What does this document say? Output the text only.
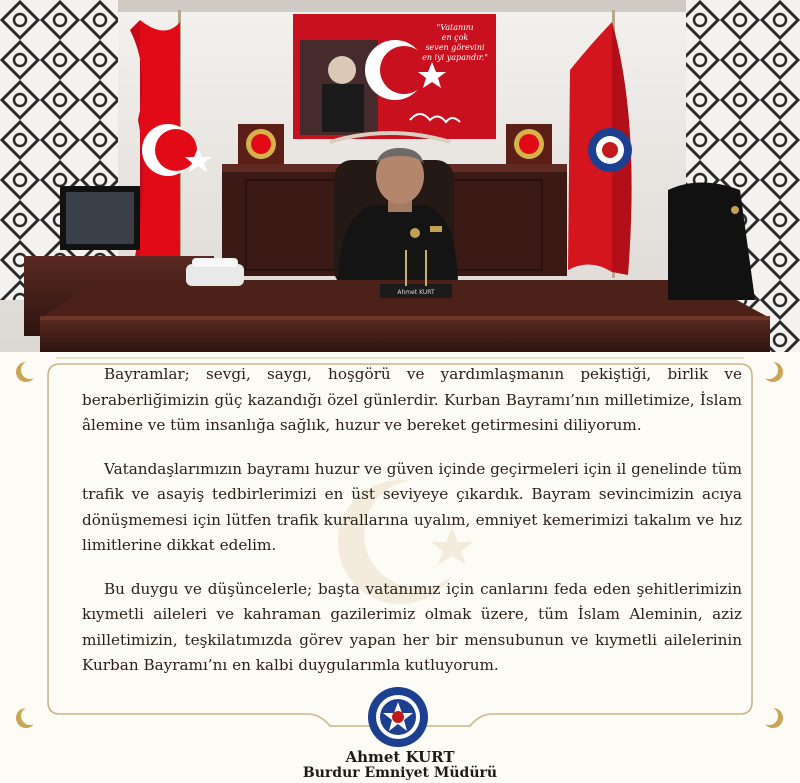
"Vatanını
en çok
seven görevini
en iyi yapandır."
Ahmet KURT

Bayramlar; sevgi, saygı, hoşgörü ve yardımlaşmanın pekiştiği, birlik ve beraberliğimizin güç kazandığı özel günlerdir. Kurban Bayramı’nın milletimize, İslam âlemine ve tüm insanlığa sağlık, huzur ve bereket getirmesini diliyorum.

Vatandaşlarımızın bayramı huzur ve güven içinde geçirmeleri için il genelinde tüm trafik ve asayiş tedbirlerimizi en üst seviyeye çıkardık. Bayram sevincimizin acıya dönüşmemesi için lütfen trafik kurallarına uyalım, emniyet kemerimizi takalım ve hız limitlerine dikkat edelim.

Bu duygu ve düşüncelerle; başta vatanımız için canlarını feda eden şehitlerimizin kıymetli aileleri ve kahraman gazilerimiz olmak üzere, tüm İslam Aleminin, aziz milletimizin, teşkilatımızda görev yapan her bir mensubunun ve kıymetli ailelerinin Kurban Bayramı’nı en kalbi duygularımla kutluyorum.

Ahmet KURT
Burdur Emniyet Müdürü
